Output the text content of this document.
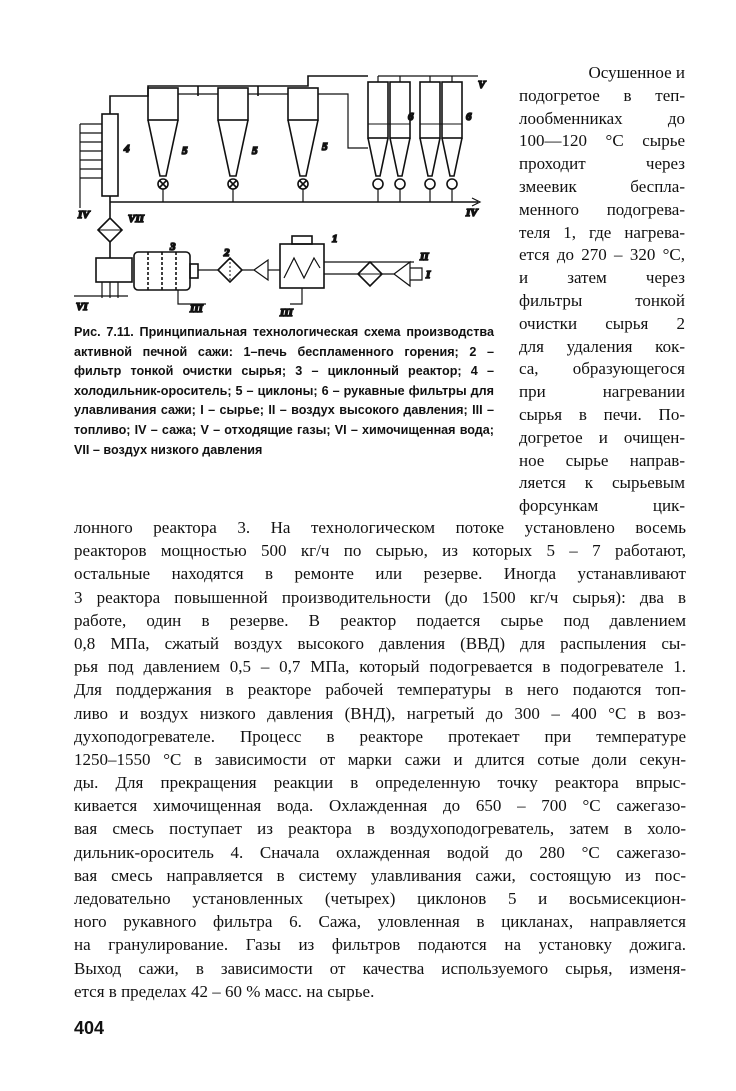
1
2
3
4	5	5	5
6	6
I
II
III	III
IV	IV
V
VI
VII
Рис. 7.11. Принципиальная технологическая схема производства активной печной сажи: 1–печь беспламенного горения; 2 – фильтр тонкой очистки сырья; 3 – циклонный реактор; 4 – холодильник-ороситель; 5 – циклоны; 6 – рукавные фильтры для улавливания сажи; I – сырье; II – воздух высокого давления; III – топливо; IV – сажа; V – отходящие газы; VI – химочищенная вода; VII – воздух низкого давления
Осушенное и
подогретое в теп-
лообменниках до
100—120 °C сырье
проходит через
змеевик беспла-
менного подогрева-
теля 1, где нагрева-
ется до 270 – 320 °C,
и затем через
фильтры тонкой
очистки сырья 2
для удаления кок-
са, образующегося
при нагревании
сырья в печи. По-
догретое и очищен-
ное сырье направ-
ляется к сырьевым
форсункам цик-
лонного реактора 3. На технологическом потоке установлено восемь
реакторов мощностью 500 кг/ч по сырью, из которых 5 – 7 работают,
остальные находятся в ремонте или резерве. Иногда устанавливают
3 реактора повышенной производительности (до 1500 кг/ч сырья): два в
работе, один в резерве. В реактор подается сырье под давлением
0,8 МПа, сжатый воздух высокого давления (ВВД) для распыления сы-
рья под давлением 0,5 – 0,7 МПа, который подогревается в подогревателе 1.
Для поддержания в реакторе рабочей температуры в него подаются топ-
ливо и воздух низкого давления (ВНД), нагретый до 300 – 400 °C в воз-
духоподогревателе. Процесс в реакторе протекает при температуре
1250–1550 °C в зависимости от марки сажи и длится сотые доли секун-
ды. Для прекращения реакции в определенную точку реактора впрыс-
кивается химочищенная вода. Охлажденная до 650 – 700 °C сажегазо-
вая смесь поступает из реактора в воздухоподогреватель, затем в холо-
дильник-ороситель 4. Сначала охлажденная водой до 280 °C сажегазо-
вая смесь направляется в систему улавливания сажи, состоящую из пос-
ледовательно установленных (четырех) циклонов 5 и восьмисекцион-
ного рукавного фильтра 6. Сажа, уловленная в цикланах, направляется
на гранулирование. Газы из фильтров подаются на установку дожига.
Выход сажи, в зависимости от качества используемого сырья, изменя-
ется в пределах 42 – 60 % масс. на сырье.
404
